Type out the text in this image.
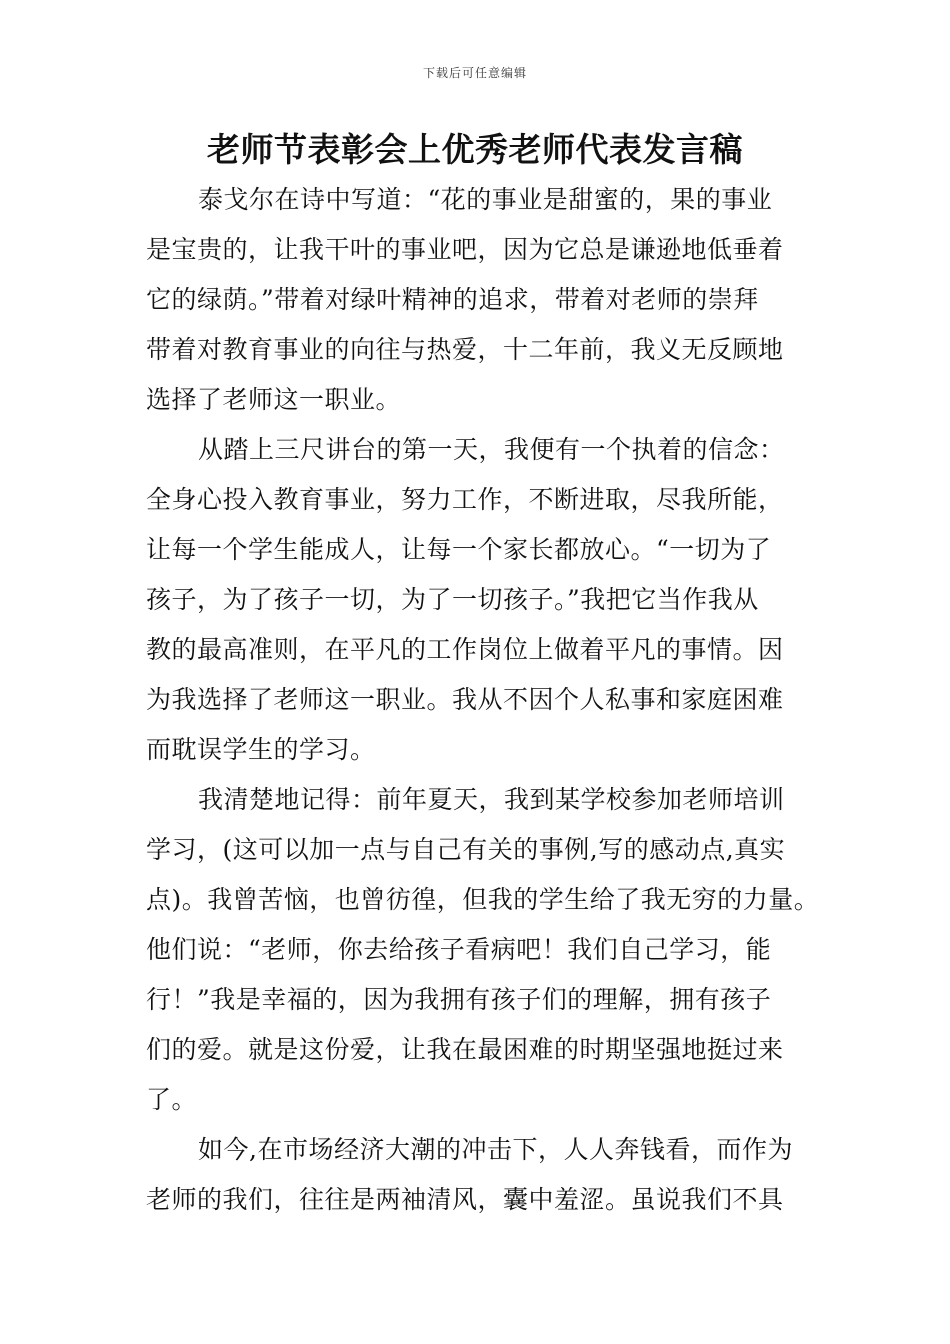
下载后可任意编辑
老师节表彰会上优秀老师代表发言稿
泰戈尔在诗中写道：“花的事业是甜蜜的，果的事业
是宝贵的，让我干叶的事业吧，因为它总是谦逊地低垂着
它的绿荫。”带着对绿叶精神的追求，带着对老师的崇拜
带着对教育事业的向往与热爱，十二年前，我义无反顾地
选择了老师这一职业。
从踏上三尺讲台的第一天，我便有一个执着的信念：
全身心投入教育事业，努力工作，不断进取，尽我所能，
让每一个学生能成人，让每一个家长都放心。“一切为了
孩子，为了孩子一切，为了一切孩子。”我把它当作我从
教的最高准则，在平凡的工作岗位上做着平凡的事情。因
为我选择了老师这一职业。我从不因个人私事和家庭困难
而耽误学生的学习。
我清楚地记得：前年夏天，我到某学校参加老师培训
学习，(这可以加一点与自己有关的事例,写的感动点,真实
点)。我曾苦恼，也曾彷徨，但我的学生给了我无穷的力量。
他们说：“老师，你去给孩子看病吧！我们自己学习，能
行！”我是幸福的，因为我拥有孩子们的理解，拥有孩子
们的爱。就是这份爱，让我在最困难的时期坚强地挺过来
了。
如今,在市场经济大潮的冲击下，人人奔钱看，而作为
老师的我们，往往是两袖清风，囊中羞涩。虽说我们不具
